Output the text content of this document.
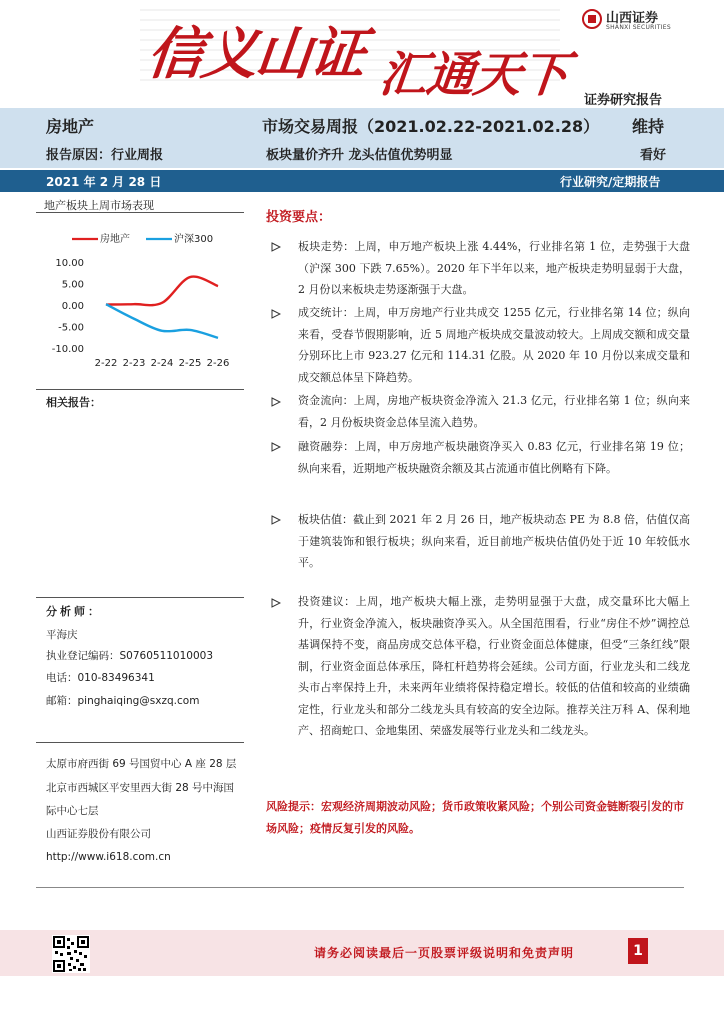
信义山证 汇通天下
山西证券
SHANXI SECURITIES
证券研究报告
房地产
报告原因：行业周报
市场交易周报（2021.02.22-2021.02.28）
板块量价齐升 龙头估值优势明显
维持
看好
2021 年 2 月 28 日	行业研究/定期报告
地产板块上周市场表现
房地产	沪深300
10.00
5.00
0.00
-5.00
-10.00
2-22 2-23 2-24 2-25 2-26
相关报告：
分析师：
平海庆
执业登记编码：S0760511010003
电话：010-83496341
邮箱：pinghaiqing@sxzq.com
太原市府西街 69 号国贸中心 A 座 28 层
北京市西城区平安里西大街 28 号中海国
际中心七层
山西证券股份有限公司
http://www.i618.com.cn
投资要点：
板块走势：上周，申万地产板块上涨 4.44%，行业排名第 1 位，走势强于大盘（沪深 300 下跌 7.65%）。2020 年下半年以来，地产板块走势明显弱于大盘，2 月份以来板块走势逐渐强于大盘。
成交统计：上周，申万房地产行业共成交 1255 亿元，行业排名第 14 位；纵向来看，受春节假期影响，近 5 周地产板块成交量波动较大。上周成交额和成交量分别环比上市 923.27 亿元和 114.31 亿股。从 2020 年 10 月份以来成交量和成交额总体呈下降趋势。
资金流向：上周，房地产板块资金净流入 21.3 亿元，行业排名第 1 位；纵向来看，2 月份板块资金总体呈流入趋势。
融资融券：上周，申万房地产板块融资净买入 0.83 亿元，行业排名第 19 位；纵向来看，近期地产板块融资余额及其占流通市值比例略有下降。
板块估值：截止到 2021 年 2 月 26 日，地产板块动态 PE 为 8.8 倍，估值仅高于建筑装饰和银行板块；纵向来看，近目前地产板块估值仍处于近 10 年较低水平。
投资建议：上周，地产板块大幅上涨，走势明显强于大盘，成交量环比大幅上升，行业资金净流入，板块融资净买入。从全国范围看，行业“房住不炒”调控总基调保持不变，商品房成交总体平稳，行业资金面总体健康，但受“三条红线”限制，行业资金面总体承压，降杠杆趋势将会延续。公司方面，行业龙头和二线龙头市占率保持上升，未来两年业绩将保持稳定增长。较低的估值和较高的业绩确定性，行业龙头和部分二线龙头具有较高的安全边际。推荐关注万科 A、保利地产、招商蛇口、金地集团、荣盛发展等行业龙头和二线龙头。
风险提示：宏观经济周期波动风险；货币政策收紧风险；个别公司资金链断裂引发的市场风险；疫情反复引发的风险。
请务必阅读最后一页股票评级说明和免责声明	1
